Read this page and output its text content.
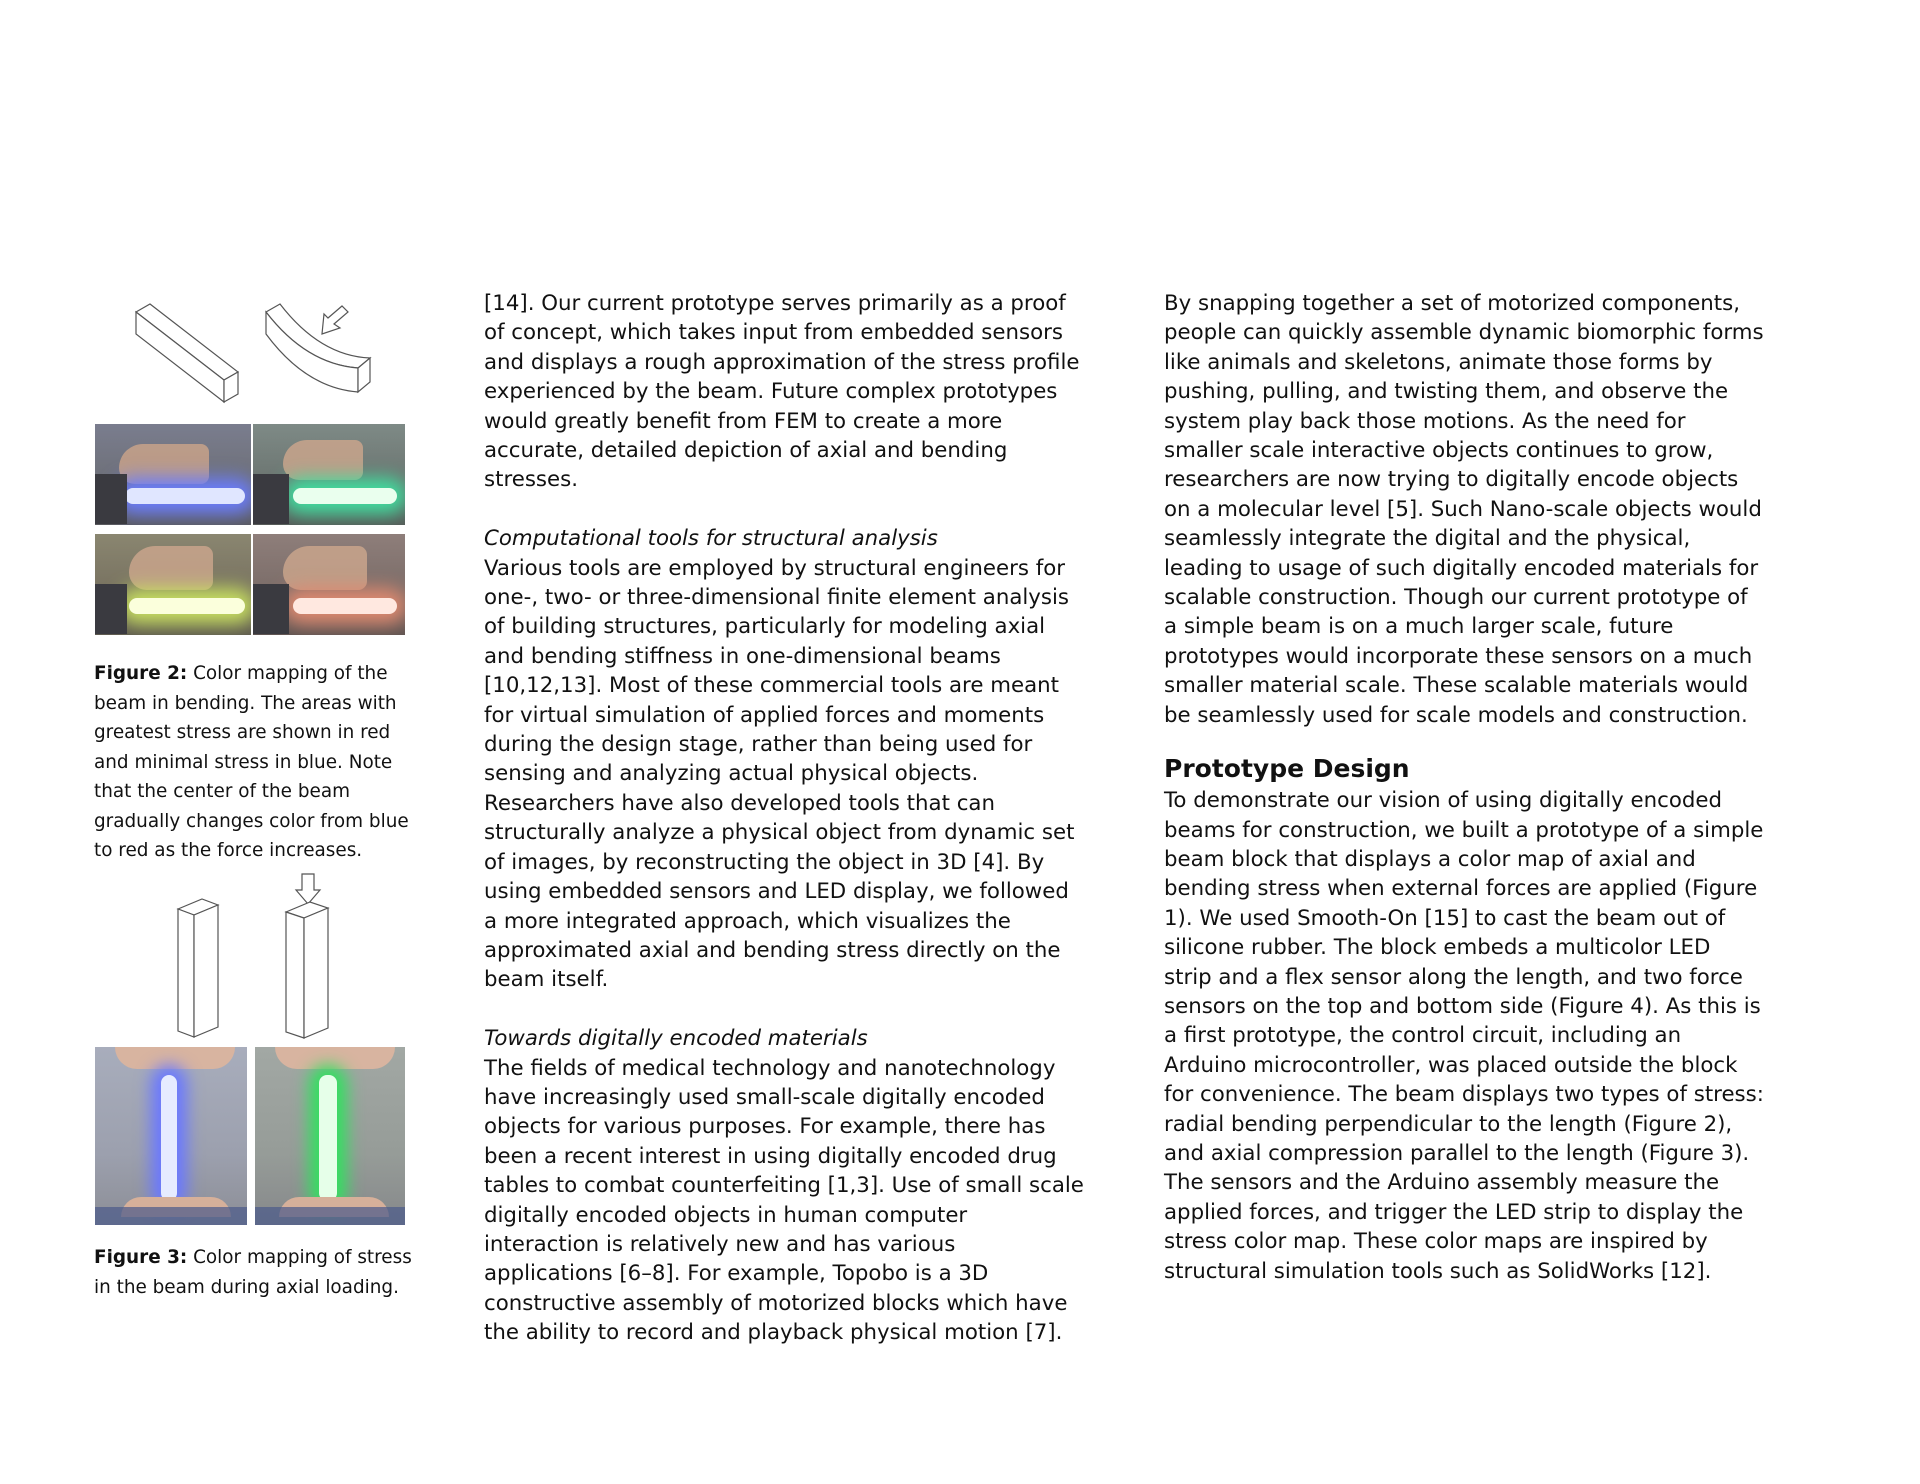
Figure 2: Color mapping of the beam in bending. The areas with greatest stress are shown in red and minimal stress in blue. Note that the center of the beam gradually changes color from blue to red as the force increases.
Figure 3: Color mapping of stress in the beam during axial loading.

[14]. Our current prototype serves primarily as a proof of concept, which takes input from embedded sensors and displays a rough approximation of the stress profile experienced by the beam. Future complex prototypes would greatly benefit from FEM to create a more accurate, detailed depiction of axial and bending stresses.

Computational tools for structural analysis

Various tools are employed by structural engineers for one-, two- or three-dimensional finite element analysis of building structures, particularly for modeling axial and bending stiffness in one-dimensional beams [10,12,13]. Most of these commercial tools are meant for virtual simulation of applied forces and moments during the design stage, rather than being used for sensing and analyzing actual physical objects. Researchers have also developed tools that can structurally analyze a physical object from dynamic set of images, by reconstructing the object in 3D [4]. By using embedded sensors and LED display, we followed a more integrated approach, which visualizes the approximated axial and bending stress directly on the beam itself.

Towards digitally encoded materials

The fields of medical technology and nanotechnology have increasingly used small-scale digitally encoded objects for various purposes. For example, there has been a recent interest in using digitally encoded drug tables to combat counterfeiting [1,3]. Use of small scale digitally encoded objects in human computer interaction is relatively new and has various applications [6–8]. For example, Topobo is a 3D constructive assembly of motorized blocks which have the ability to record and playback physical motion [7].

By snapping together a set of motorized components, people can quickly assemble dynamic biomorphic forms like animals and skeletons, animate those forms by pushing, pulling, and twisting them, and observe the system play back those motions. As the need for smaller scale interactive objects continues to grow, researchers are now trying to digitally encode objects on a molecular level [5]. Such Nano-scale objects would seamlessly integrate the digital and the physical, leading to usage of such digitally encoded materials for scalable construction. Though our current prototype of a simple beam is on a much larger scale, future prototypes would incorporate these sensors on a much smaller material scale. These scalable materials would be seamlessly used for scale models and construction.

Prototype Design

To demonstrate our vision of using digitally encoded beams for construction, we built a prototype of a simple beam block that displays a color map of axial and bending stress when external forces are applied (Figure 1). We used Smooth-On [15] to cast the beam out of silicone rubber. The block embeds a multicolor LED strip and a flex sensor along the length, and two force sensors on the top and bottom side (Figure 4). As this is a first prototype, the control circuit, including an Arduino microcontroller, was placed outside the block for convenience. The beam displays two types of stress: radial bending perpendicular to the length (Figure 2), and axial compression parallel to the length (Figure 3). The sensors and the Arduino assembly measure the applied forces, and trigger the LED strip to display the stress color map. These color maps are inspired by structural simulation tools such as SolidWorks [12].
